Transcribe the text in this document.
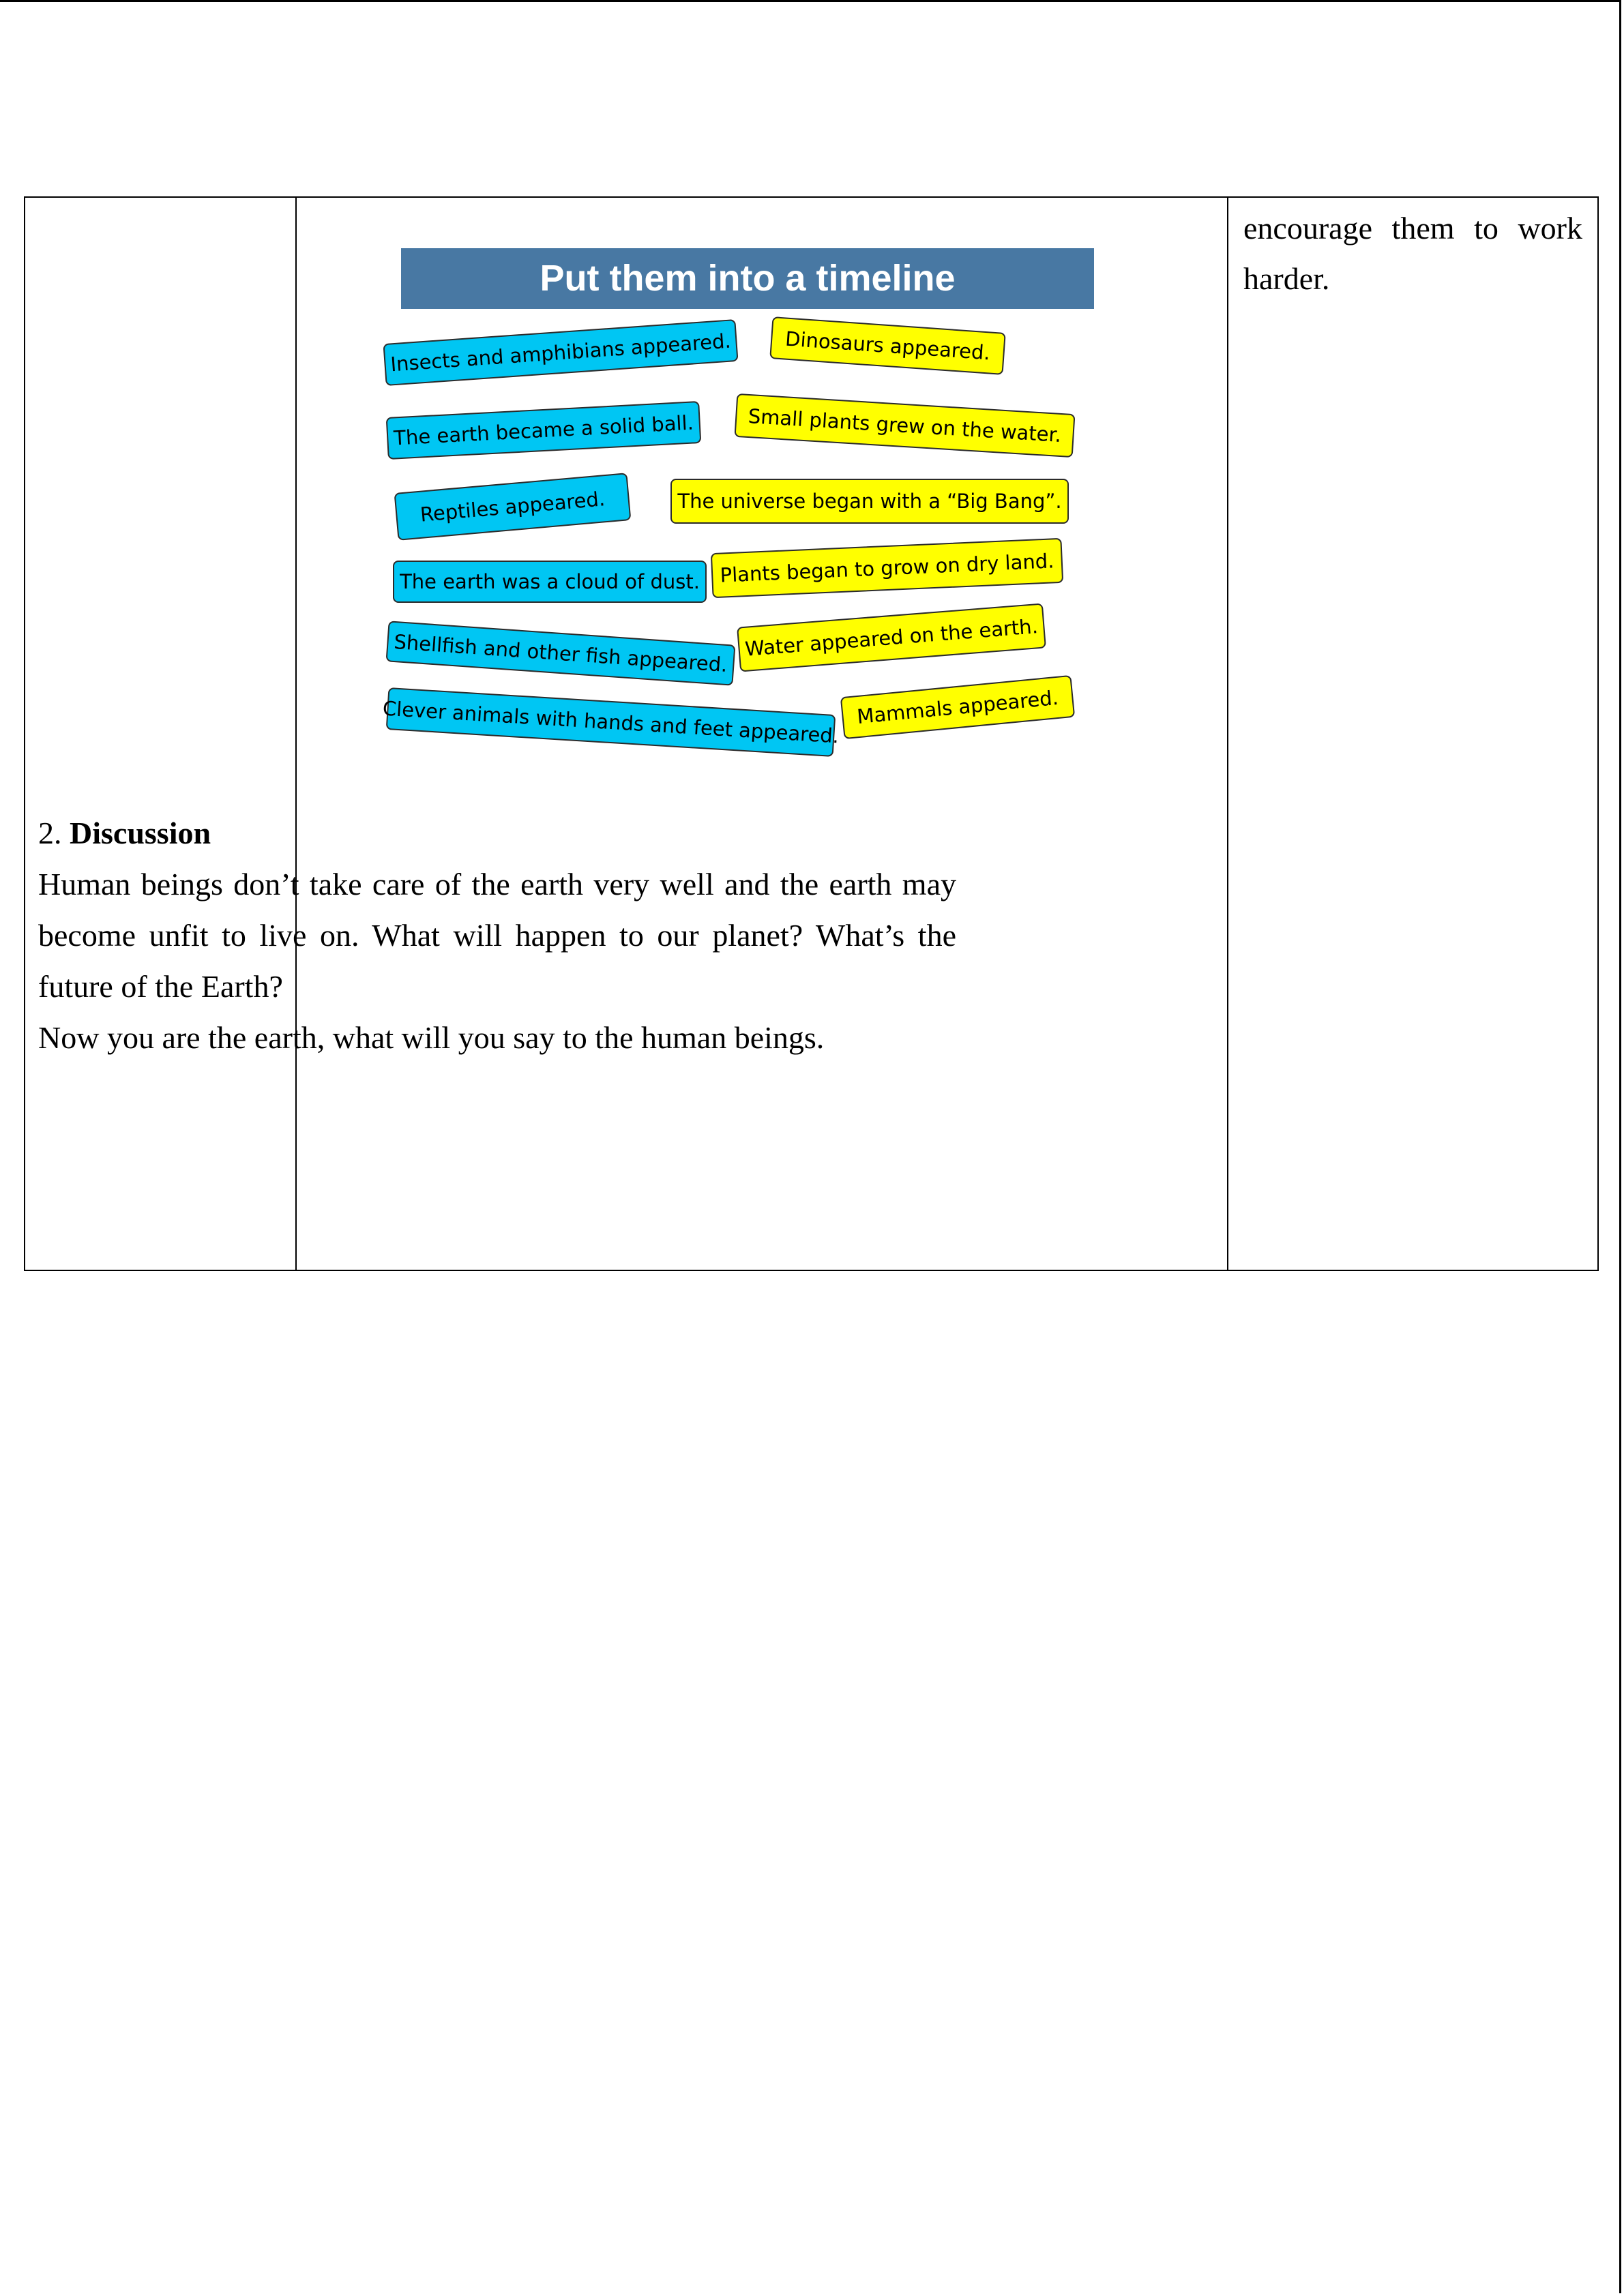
Put them into a timeline
Insects and amphibians appeared.	Dinosaurs appeared.
The earth became a solid ball.	Small plants grew on the water.
Reptiles appeared.	The universe began with a “Big Bang”.
The earth was a cloud of dust.	Plants began to grow on dry land.
Shellfish and other fish appeared. Water appeared on the earth.
Clever animals with hands and feet appeared. Mammals appeared.

2. Discussion

Human beings don’t take care of the earth very well and the earth may become unfit to live on. What will happen to our planet? What’s the future of the Earth?

Now you are the earth, what will you say to the human beings.

encourage them to work
harder.
